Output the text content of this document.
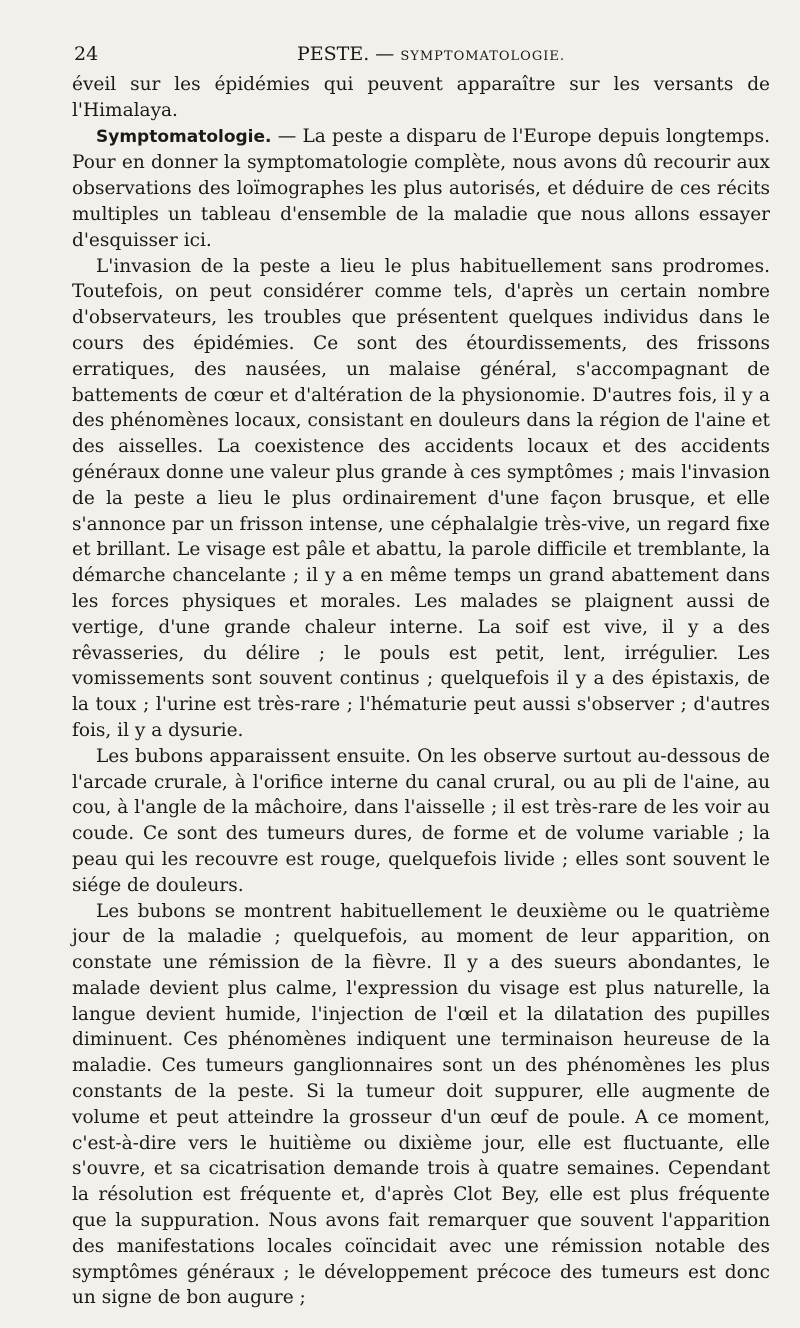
24	PESTE. — SYMPTOMATOLOGIE.

éveil sur les épidémies qui peuvent apparaître sur les versants de l'Himalaya.

Symptomatologie. — La peste a disparu de l'Europe depuis longtemps. Pour en donner la symptomatologie complète, nous avons dû recourir aux observations des loïmographes les plus autorisés, et déduire de ces récits multiples un tableau d'ensemble de la maladie que nous allons essayer d'esquisser ici.

L'invasion de la peste a lieu le plus habituellement sans prodromes. Toutefois, on peut considérer comme tels, d'après un certain nombre d'observateurs, les troubles que présentent quelques individus dans le cours des épidémies. Ce sont des étourdissements, des frissons erratiques, des nausées, un malaise général, s'accompagnant de battements de cœur et d'altération de la physionomie. D'autres fois, il y a des phénomènes locaux, consistant en douleurs dans la région de l'aine et des aisselles. La coexistence des accidents locaux et des accidents généraux donne une valeur plus grande à ces symptômes ; mais l'invasion de la peste a lieu le plus ordinairement d'une façon brusque, et elle s'annonce par un frisson intense, une céphalalgie très-vive, un regard fixe et brillant. Le visage est pâle et abattu, la parole difficile et tremblante, la démarche chancelante ; il y a en même temps un grand abattement dans les forces physiques et morales. Les malades se plaignent aussi de vertige, d'une grande chaleur interne. La soif est vive, il y a des rêvasseries, du délire ; le pouls est petit, lent, irrégulier. Les vomissements sont souvent continus ; quelquefois il y a des épistaxis, de la toux ; l'urine est très-rare ; l'hématurie peut aussi s'observer ; d'autres fois, il y a dysurie.

Les bubons apparaissent ensuite. On les observe surtout au-dessous de l'arcade crurale, à l'orifice interne du canal crural, ou au pli de l'aine, au cou, à l'angle de la mâchoire, dans l'aisselle ; il est très-rare de les voir au coude. Ce sont des tumeurs dures, de forme et de volume variable ; la peau qui les recouvre est rouge, quelquefois livide ; elles sont souvent le siége de douleurs.

Les bubons se montrent habituellement le deuxième ou le quatrième jour de la maladie ; quelquefois, au moment de leur apparition, on constate une rémission de la fièvre. Il y a des sueurs abondantes, le malade devient plus calme, l'expression du visage est plus naturelle, la langue devient humide, l'injection de l'œil et la dilatation des pupilles diminuent. Ces phénomènes indiquent une terminaison heureuse de la maladie. Ces tumeurs ganglionnaires sont un des phénomènes les plus constants de la peste. Si la tumeur doit suppurer, elle augmente de volume et peut atteindre la grosseur d'un œuf de poule. A ce moment, c'est-à-dire vers le huitième ou dixième jour, elle est fluctuante, elle s'ouvre, et sa cicatrisation demande trois à quatre semaines. Cependant la résolution est fréquente et, d'après Clot Bey, elle est plus fréquente que la suppuration. Nous avons fait remarquer que souvent l'apparition des manifestations locales coïncidait avec une rémission notable des symptômes généraux ; le développement précoce des tumeurs est donc un signe de bon augure ;
